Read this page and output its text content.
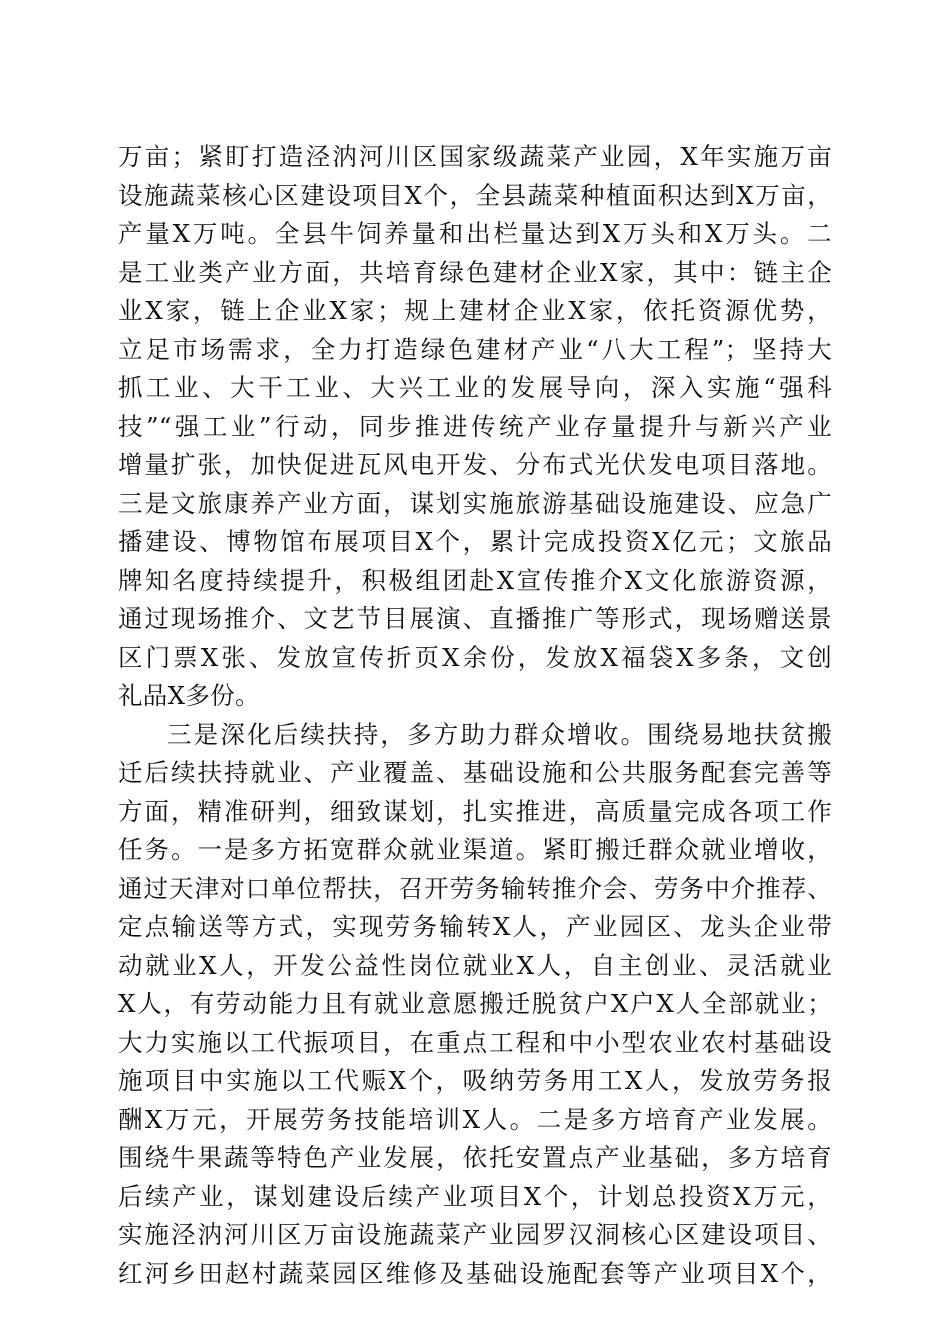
万亩；紧盯打造泾汭河川区国家级蔬菜产业园，X年实施万亩
设施蔬菜核心区建设项目X个，全县蔬菜种植面积达到X万亩，
产量X万吨。全县牛饲养量和出栏量达到X万头和X万头。二
是工业类产业方面，共培育绿色建材企业X家，其中：链主企
业X家，链上企业X家；规上建材企业X家，依托资源优势，
立足市场需求，全力打造绿色建材产业“八大工程”；坚持大
抓工业、大干工业、大兴工业的发展导向，深入实施“强科
技”“强工业”行动，同步推进传统产业存量提升与新兴产业
增量扩张，加快促进瓦风电开发、分布式光伏发电项目落地。
三是文旅康养产业方面，谋划实施旅游基础设施建设、应急广
播建设、博物馆布展项目X个，累计完成投资X亿元；文旅品
牌知名度持续提升，积极组团赴X宣传推介X文化旅游资源，
通过现场推介、文艺节目展演、直播推广等形式，现场赠送景
区门票X张、发放宣传折页X余份，发放X福袋X多条，文创
礼品X多份。
三是深化后续扶持，多方助力群众增收。围绕易地扶贫搬
迁后续扶持就业、产业覆盖、基础设施和公共服务配套完善等
方面，精准研判，细致谋划，扎实推进，高质量完成各项工作
任务。一是多方拓宽群众就业渠道。紧盯搬迁群众就业增收，
通过天津对口单位帮扶，召开劳务输转推介会、劳务中介推荐、
定点输送等方式，实现劳务输转X人，产业园区、龙头企业带
动就业X人，开发公益性岗位就业X人，自主创业、灵活就业
X人，有劳动能力且有就业意愿搬迁脱贫户X户X人全部就业；
大力实施以工代振项目，在重点工程和中小型农业农村基础设
施项目中实施以工代赈X个，吸纳劳务用工X人，发放劳务报
酬X万元，开展劳务技能培训X人。二是多方培育产业发展。
围绕牛果蔬等特色产业发展，依托安置点产业基础，多方培育
后续产业，谋划建设后续产业项目X个，计划总投资X万元，
实施泾汭河川区万亩设施蔬菜产业园罗汉洞核心区建设项目、
红河乡田赵村蔬菜园区维修及基础设施配套等产业项目X个，
